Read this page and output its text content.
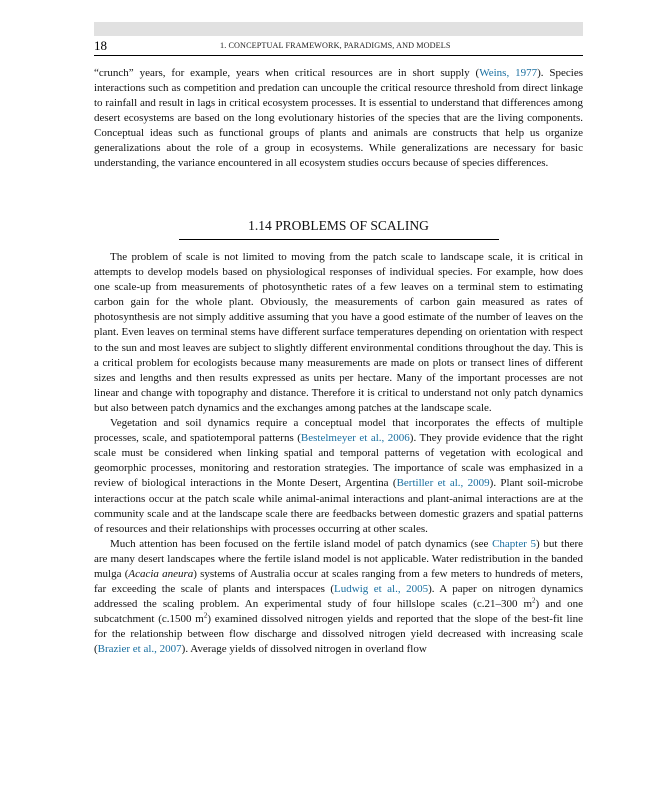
18	1. CONCEPTUAL FRAMEWORK, PARADIGMS, AND MODELS

“crunch” years, for example, years when critical resources are in short supply (Weins, 1977). Species interactions such as competition and predation can uncouple the critical resource threshold from direct linkage to rainfall and result in lags in critical ecosystem processes. It is essential to understand that differences among desert ecosystems are based on the long evolutionary histories of the species that are the living components. Conceptual ideas such as functional groups of plants and animals are constructs that help us organize generalizations about the role of a group in ecosystems. While generalizations are necessary for basic understanding, the variance encountered in all ecosystem studies occurs because of species differences.

1.14 PROBLEMS OF SCALING

The problem of scale is not limited to moving from the patch scale to landscape scale, it is critical in attempts to develop models based on physiological responses of individual species. For example, how does one scale-up from measurements of photosynthetic rates of a few leaves on a terminal stem to estimating carbon gain for the whole plant. Obviously, the measurements of carbon gain measured as rates of photosynthesis are not simply additive assuming that you have a good estimate of the number of leaves on the plant. Even leaves on terminal stems have different surface temperatures depending on orientation with respect to the sun and most leaves are subject to slightly different environmental conditions throughout the day. This is a critical problem for ecologists because many measurements are made on plots or transect lines of different sizes and lengths and then results expressed as units per hectare. Many of the important processes are not linear and change with topography and distance. Therefore it is critical to understand not only patch dynamics but also between patch dynamics and the exchanges among patches at the landscape scale.

Vegetation and soil dynamics require a conceptual model that incorporates the effects of multiple processes, scale, and spatiotemporal patterns (Bestelmeyer et al., 2006). They provide evidence that the right scale must be considered when linking spatial and temporal patterns of vegetation with ecological and geomorphic processes, monitoring and restoration strategies. The importance of scale was emphasized in a review of biological interactions in the Monte Desert, Argentina (Bertiller et al., 2009). Plant soil-microbe interactions occur at the patch scale while animal-animal interactions and plant-animal interactions are at the community scale and at the landscape scale there are feedbacks between domestic grazers and spatial patterns of resources and their relationships with processes occurring at other scales.

Much attention has been focused on the fertile island model of patch dynamics (see Chapter 5) but there are many desert landscapes where the fertile island model is not applicable. Water redistribution in the banded mulga (Acacia aneura) systems of Australia occur at scales ranging from a few meters to hundreds of meters, far exceeding the scale of plants and interspaces (Ludwig et al., 2005). A paper on nitrogen dynamics addressed the scaling problem. An experimental study of four hillslope scales (c.21–300 $m^2$) and one subcatchment (c.1500 $m^2$) examined dissolved nitrogen yields and reported that the slope of the best-fit line for the relationship between flow discharge and dissolved nitrogen yield decreased with increasing scale (Brazier et al., 2007). Average yields of dissolved nitrogen in overland flow
